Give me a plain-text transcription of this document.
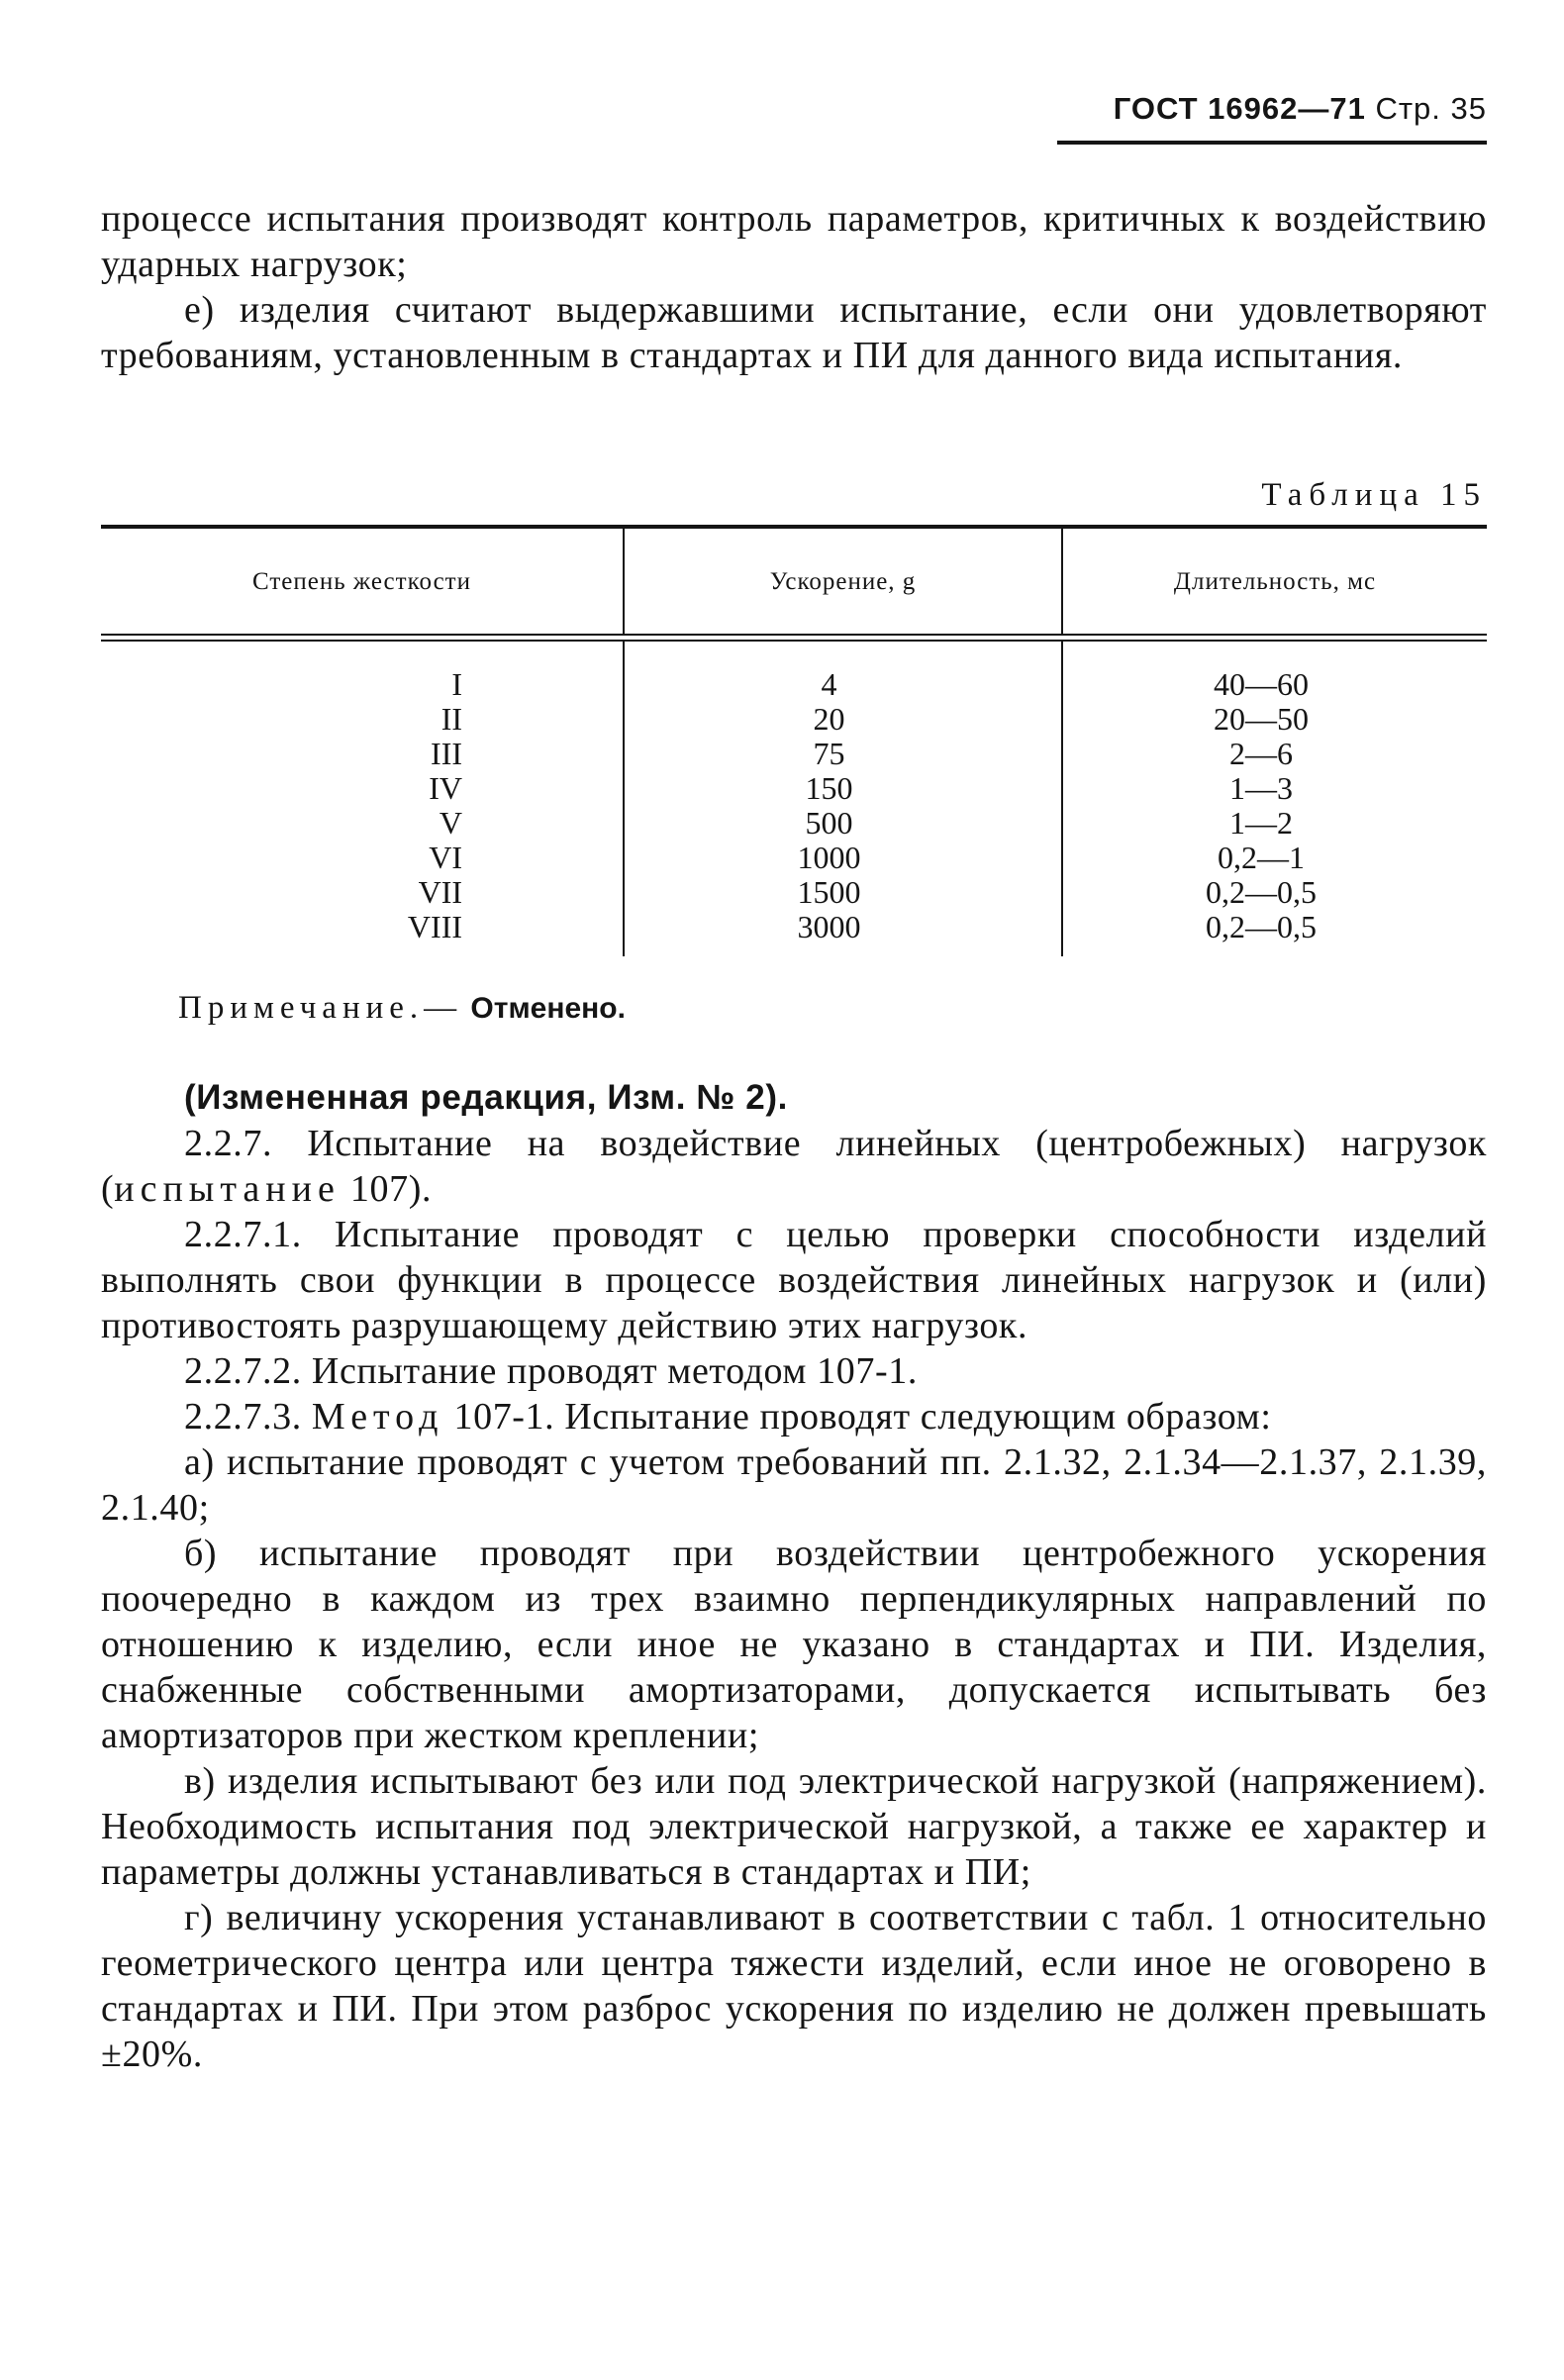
ГОСТ 16962—71 Стр. 35

процессе испытания производят контроль параметров, критичных к воздействию ударных нагрузок;

е) изделия считают выдержавшими испытание, если они удовлетворяют требованиям, установленным в стандартах и ПИ для данного вида испытания.

Таблица 15
Степень жесткости	Ускорение, g	Длительность, мс
I
II
III
IV
V
VI
VII
VIII
4
20
75
150
500
1000
1500
3000
40—60
20—50
2—6
1—3
1—2
0,2—1
0,2—0,5
0,2—0,5
Примечание.— Отменено.

(Измененная редакция, Изм. № 2).

2.2.7. Испытание на воздействие линейных (центробежных) нагрузок (испытание 107).

2.2.7.1. Испытание проводят с целью проверки способности изделий выполнять свои функции в процессе воздействия линейных нагрузок и (или) противостоять разрушающему действию этих нагрузок.

2.2.7.2. Испытание проводят методом 107-1.

2.2.7.3. Метод 107-1. Испытание проводят следующим образом:

а) испытание проводят с учетом требований пп. 2.1.32, 2.1.34—2.1.37, 2.1.39, 2.1.40;

б) испытание проводят при воздействии центробежного ускорения поочередно в каждом из трех взаимно перпендикулярных направлений по отношению к изделию, если иное не указано в стандартах и ПИ. Изделия, снабженные собственными амортизаторами, допускается испытывать без амортизаторов при жестком креплении;

в) изделия испытывают без или под электрической нагрузкой (напряжением). Необходимость испытания под электрической нагрузкой, а также ее характер и параметры должны устанавливаться в стандартах и ПИ;

г) величину ускорения устанавливают в соответствии с табл. 1 относительно геометрического центра или центра тяжести изделий, если иное не оговорено в стандартах и ПИ. При этом разброс ускорения по изделию не должен превышать ±20%.
